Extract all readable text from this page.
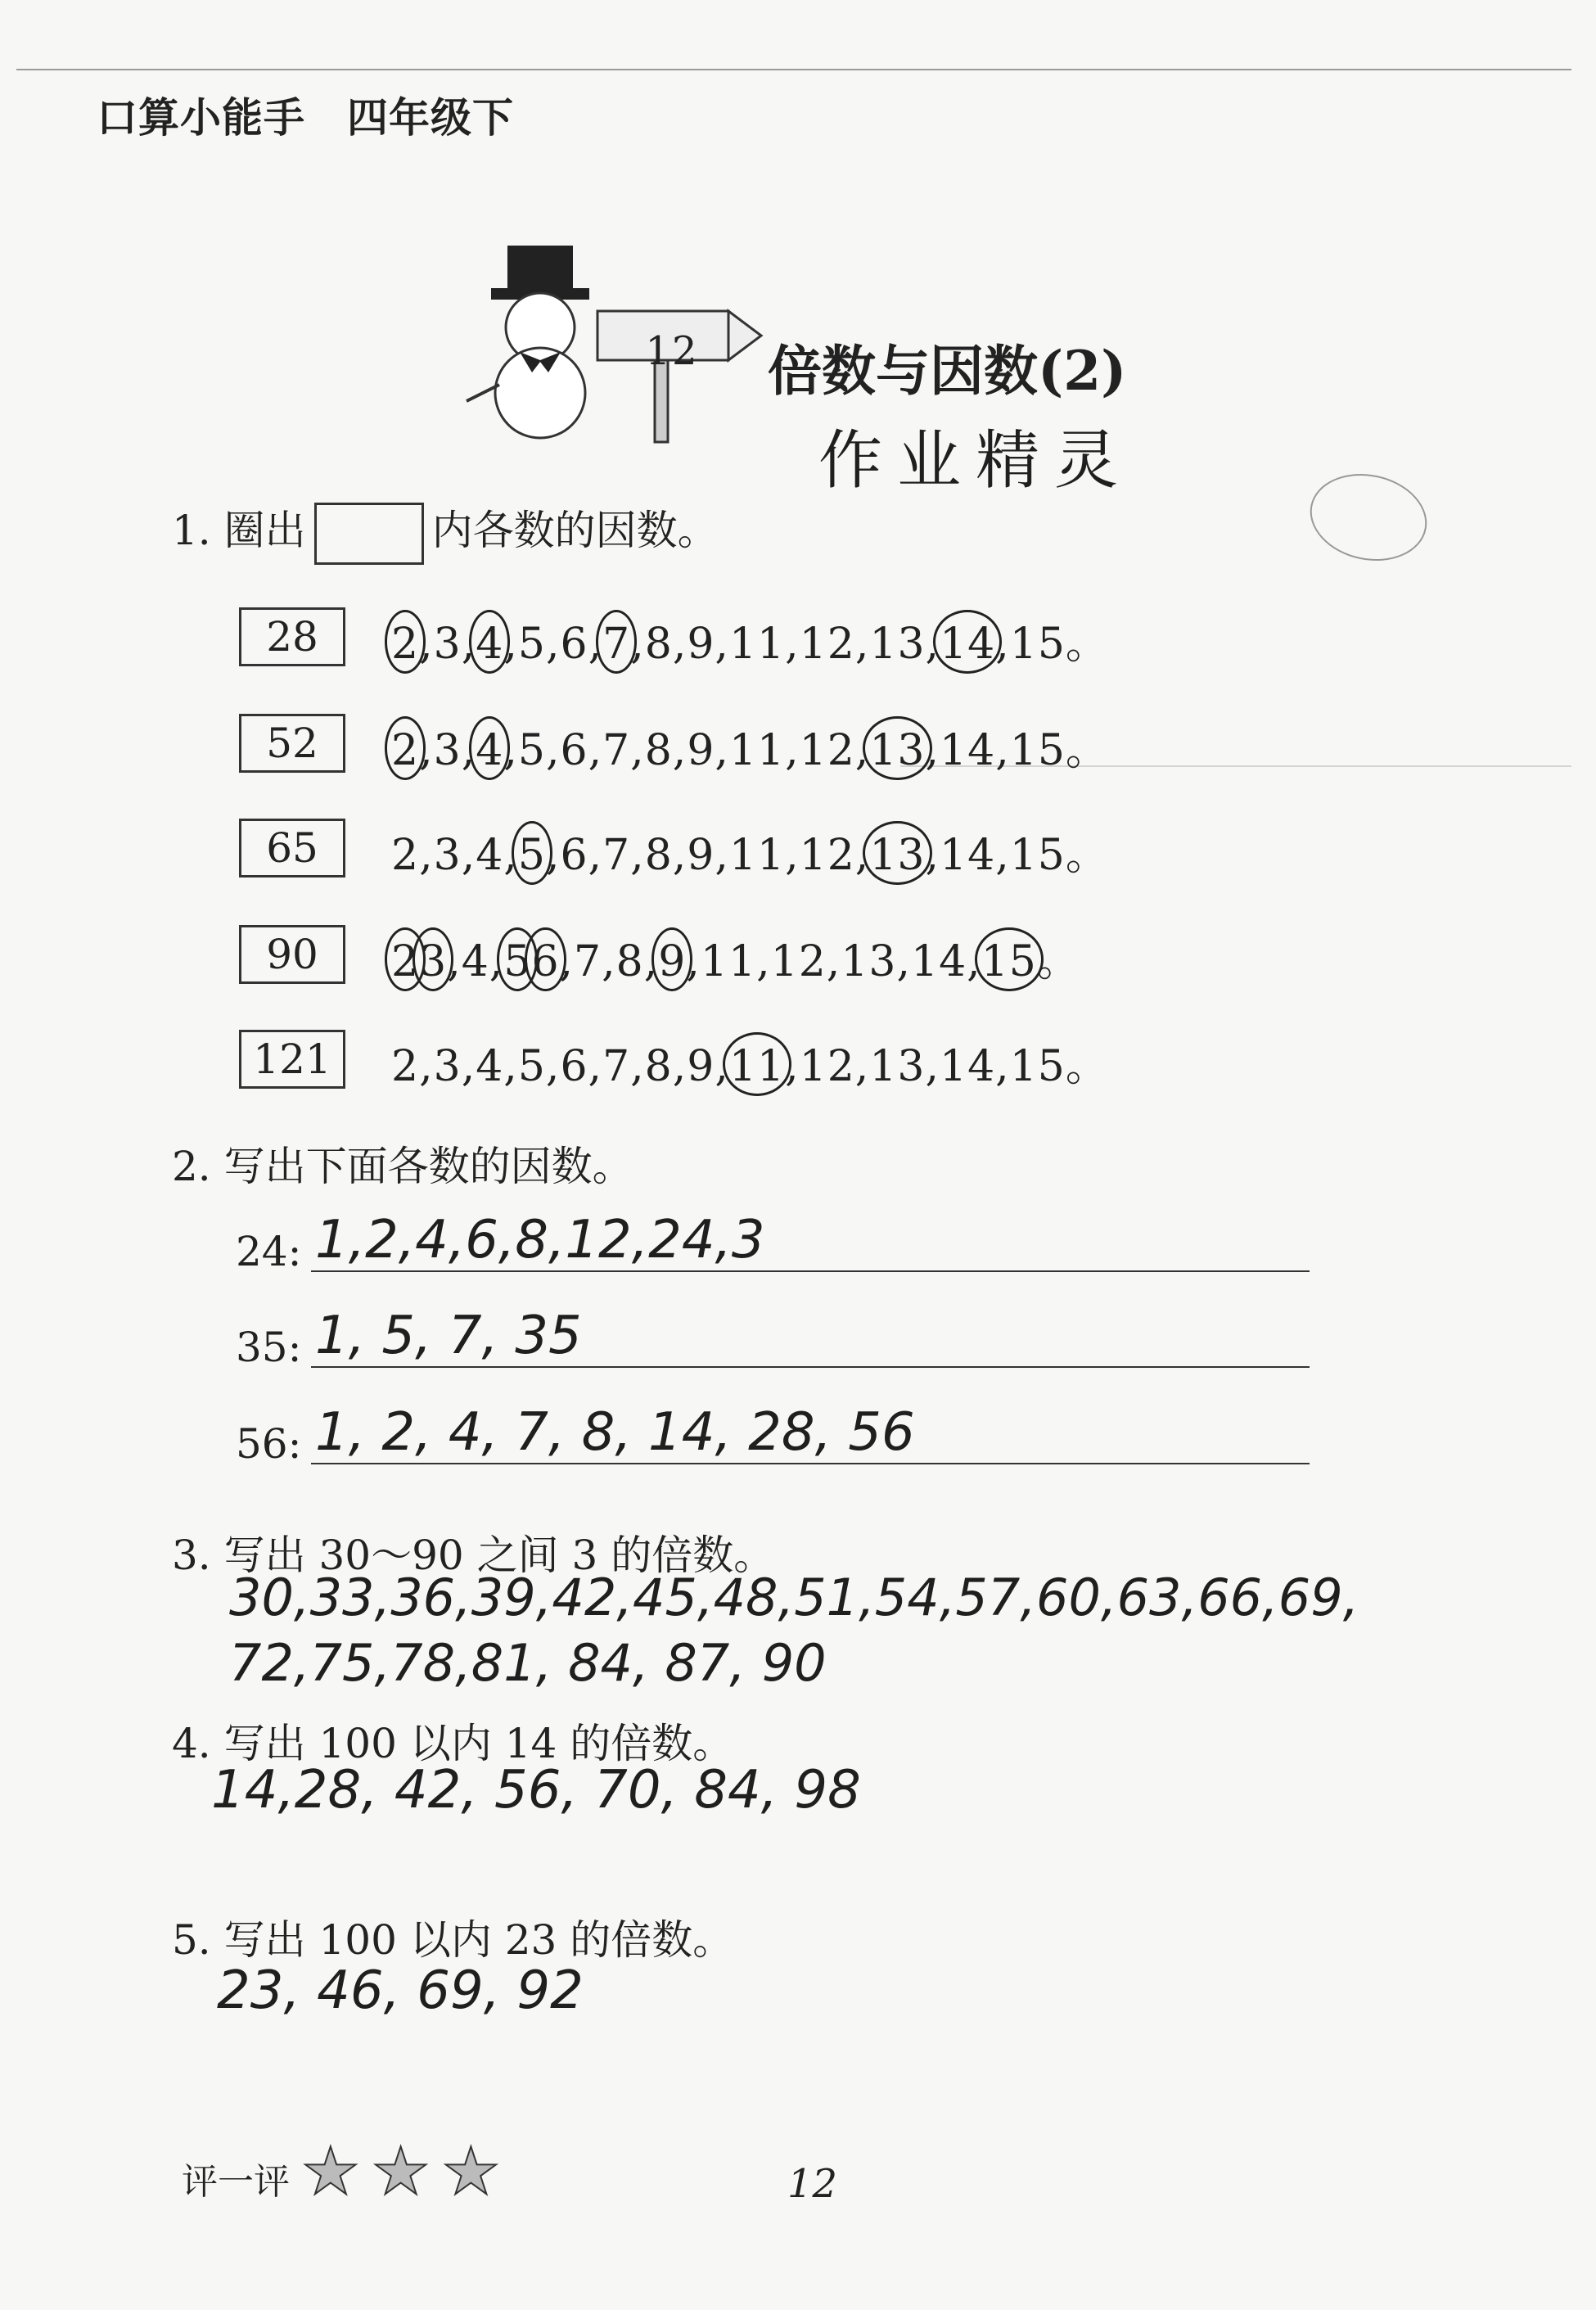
口算小能手　四年级下
12	倍数与因数(2)
作业精灵
1. 圈出	内各数的因数。
28	2,3,4,5,6,7,8,9,11,12,13,14,15。
52	2,3,4,5,6,7,8,9,11,12,13,14,15。
65	2,3,4,5,6,7,8,9,11,12,13,14,15。
90	23,4,56,7,8,9,11,12,13,14,15。
121	2,3,4,5,6,7,8,9,11,12,13,14,15。
2. 写出下面各数的因数。
24: 1,2,4,6,8,12,24,3
35: 1, 5, 7, 35
56: 1, 2, 4, 7, 8, 14, 28, 56
3. 写出 30～90 之间 3 的倍数。
30,33,36,39,42,45,48,51,54,57,60,63,66,69,
72,75,78,81, 84, 87, 90
4. 写出 100 以内 14 的倍数。
14,28, 42, 56, 70, 84, 98
5. 写出 100 以内 23 的倍数。
23, 46, 69, 92
评一评 ★ ★ ★	12
